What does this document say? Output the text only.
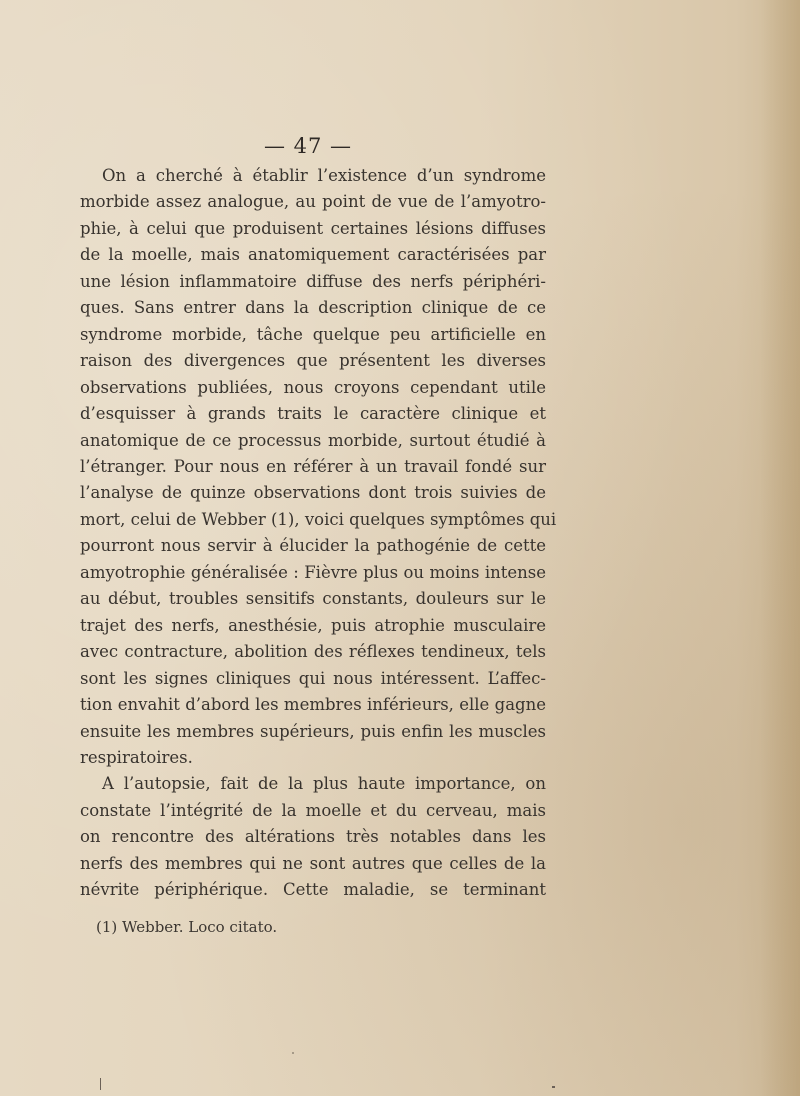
— 47 —
On a cherché à établir l’existence d’un syndrome
morbide assez analogue, au point de vue de l’amyotro-
phie, à celui que produisent certaines lésions diffuses
de la moelle, mais anatomiquement caractérisées par
une lésion inflammatoire diffuse des nerfs périphéri-
ques. Sans entrer dans la description clinique de ce
syndrome morbide, tâche quelque peu artificielle en
raison des divergences que présentent les diverses
observations publiées, nous croyons cependant utile
d’esquisser à grands traits le caractère clinique et
anatomique de ce processus morbide, surtout étudié à
l’étranger. Pour nous en référer à un travail fondé sur
l’analyse de quinze observations dont trois suivies de
mort, celui de Webber (1), voici quelques symptômes qui
pourront nous servir à élucider la pathogénie de cette
amyotrophie généralisée : Fièvre plus ou moins intense
au début, troubles sensitifs constants, douleurs sur le
trajet des nerfs, anesthésie, puis atrophie musculaire
avec contracture, abolition des réflexes tendineux, tels
sont les signes cliniques qui nous intéressent. L’affec-
tion envahit d’abord les membres inférieurs, elle gagne
ensuite les membres supérieurs, puis enfin les muscles
respiratoires.
A l’autopsie, fait de la plus haute importance, on
constate l’intégrité de la moelle et du cerveau, mais
on rencontre des altérations très notables dans les
nerfs des membres qui ne sont autres que celles de la
névrite périphérique. Cette maladie, se terminant
(1) Webber. Loco citato.
